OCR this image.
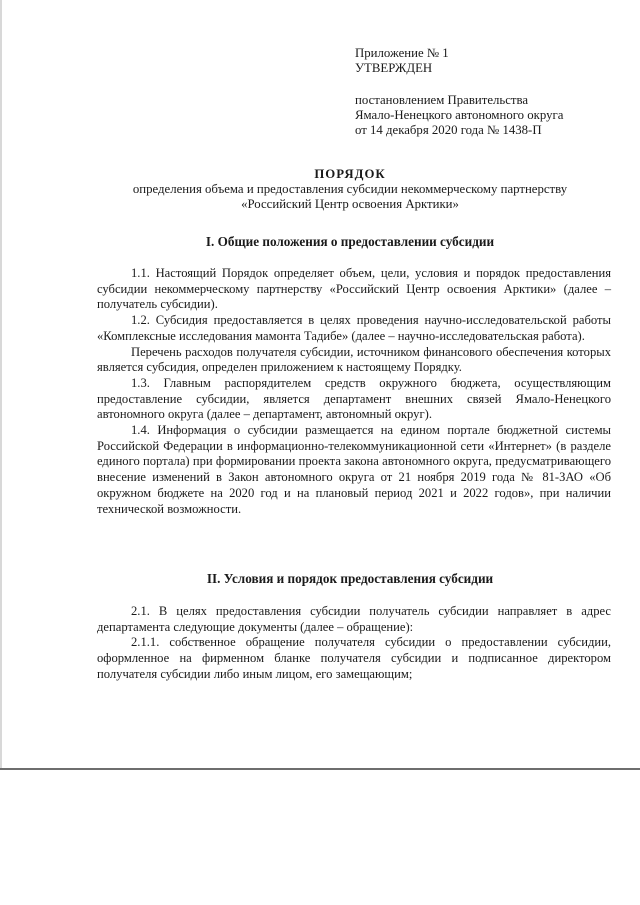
Приложение № 1
УТВЕРЖДЕН
постановлением Правительства
Ямало-Ненецкого автономного округа
от 14 декабря 2020 года № 1438-П
ПОРЯДОК
определения объема и предоставления субсидии некоммерческому партнерству
«Российский Центр освоения Арктики»
I. Общие положения о предоставлении субсидии

1.1. Настоящий Порядок определяет объем, цели, условия и порядок предоставления субсидии некоммерческому партнерству «Российский Центр освоения Арктики» (далее – получатель субсидии).

1.2. Субсидия предоставляется в целях проведения научно-исследовательской работы «Комплексные исследования мамонта Тадибе» (далее – научно-исследовательская работа).

Перечень расходов получателя субсидии, источником финансового обеспечения которых является субсидия, определен приложением к настоящему Порядку.

1.3. Главным распорядителем средств окружного бюджета, осуществляющим предоставление субсидии, является департамент внешних связей Ямало-Ненецкого автономного округа (далее – департамент, автономный округ).

1.4. Информация о субсидии размещается на едином портале бюджетной системы Российской Федерации в информационно-телекоммуникационной сети «Интернет» (в разделе единого портала) при формировании проекта закона автономного округа, предусматривающего внесение изменений в Закон автономного округа от 21 ноября 2019 года № 81-ЗАО «Об окружном бюджете на 2020 год и на плановый период 2021 и 2022 годов», при наличии технической возможности.

II. Условия и порядок предоставления субсидии

2.1. В целях предоставления субсидии получатель субсидии направляет в адрес департамента следующие документы (далее – обращение):

2.1.1. собственное обращение получателя субсидии о предоставлении субсидии, оформленное на фирменном бланке получателя субсидии и подписанное директором получателя субсидии либо иным лицом, его замещающим;
